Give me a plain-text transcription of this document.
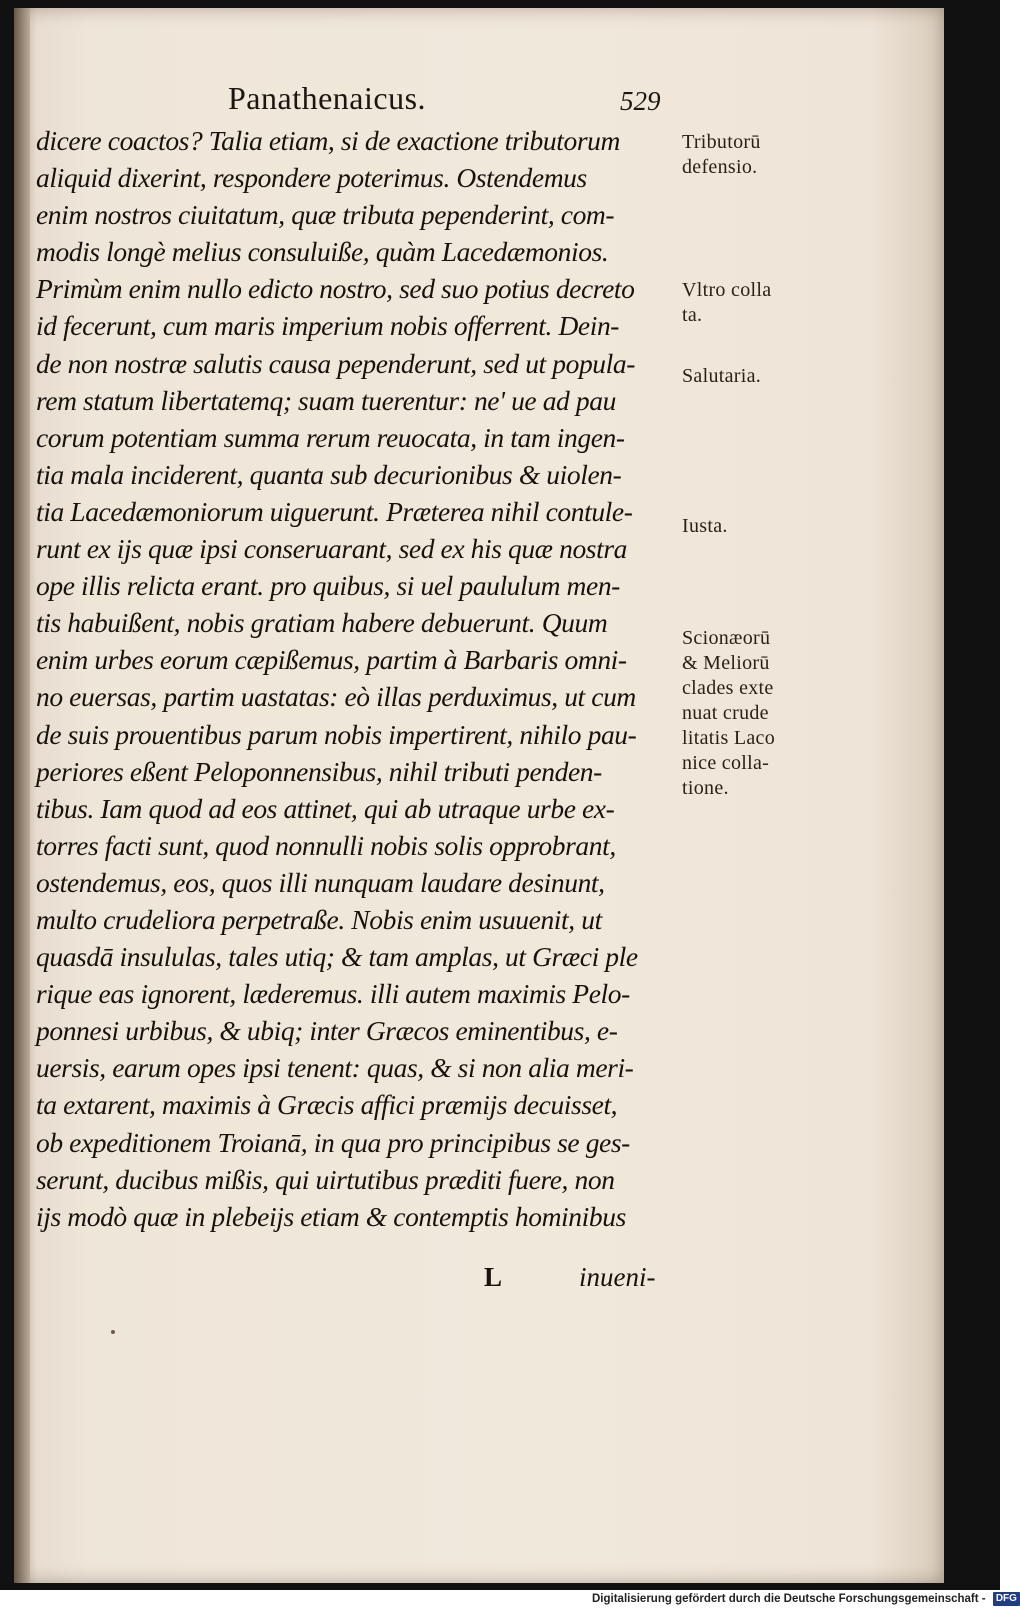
Panathenaicus.	529
dicere coactos? Talia etiam, si de exactione tributorum
aliquid dixerint, respondere poterimus. Ostendemus
enim nostros ciuitatum, quæ tributa pependerint, com-
modis longè melius consuluiße, quàm Lacedæmonios.
Primùm enim nullo edicto nostro, sed suo potius decreto
id fecerunt, cum maris imperium nobis offerrent. Dein-
de non nostræ salutis causa pependerunt, sed ut popula-
rem statum libertatemq; suam tuerentur: ne' ue ad pau
corum potentiam summa rerum reuocata, in tam ingen-
tia mala inciderent, quanta sub decurionibus & uiolen-
tia Lacedæmoniorum uiguerunt. Præterea nihil contule-
runt ex ijs quæ ipsi conseruarant, sed ex his quæ nostra
ope illis relicta erant. pro quibus, si uel paululum men-
tis habuißent, nobis gratiam habere debuerunt. Quum
enim urbes eorum cæpißemus, partim à Barbaris omni-
no euersas, partim uastatas: eò illas perduximus, ut cum
de suis prouentibus parum nobis impertirent, nihilo pau-
periores eßent Peloponnensibus, nihil tributi penden-
tibus. Iam quod ad eos attinet, qui ab utraque urbe ex-
torres facti sunt, quod nonnulli nobis solis opprobrant,
ostendemus, eos, quos illi nunquam laudare desinunt,
multo crudeliora perpetraße. Nobis enim usuuenit, ut
quasdā insululas, tales utiq; & tam amplas, ut Græci ple
rique eas ignorent, læderemus. illi autem maximis Pelo-
ponnesi urbibus, & ubiq; inter Græcos eminentibus, e-
uersis, earum opes ipsi tenent: quas, & si non alia meri-
ta extarent, maximis à Græcis affici præmijs decuisset,
ob expeditionem Troianā, in qua pro principibus se ges-
serunt, ducibus mißis, qui uirtutibus præditi fuere, non
ijs modò quæ in plebeijs etiam & contemptis hominibus
Tributorū
defensio.
Vltro colla
ta.
Salutaria.
Iusta.
Scionæorū
& Meliorū
clades exte
nuat crude
litatis Laco
nice colla-
tione.
L	inueni-
Digitalisierung gefördert durch die Deutsche Forschungsgemeinschaft - DFG
